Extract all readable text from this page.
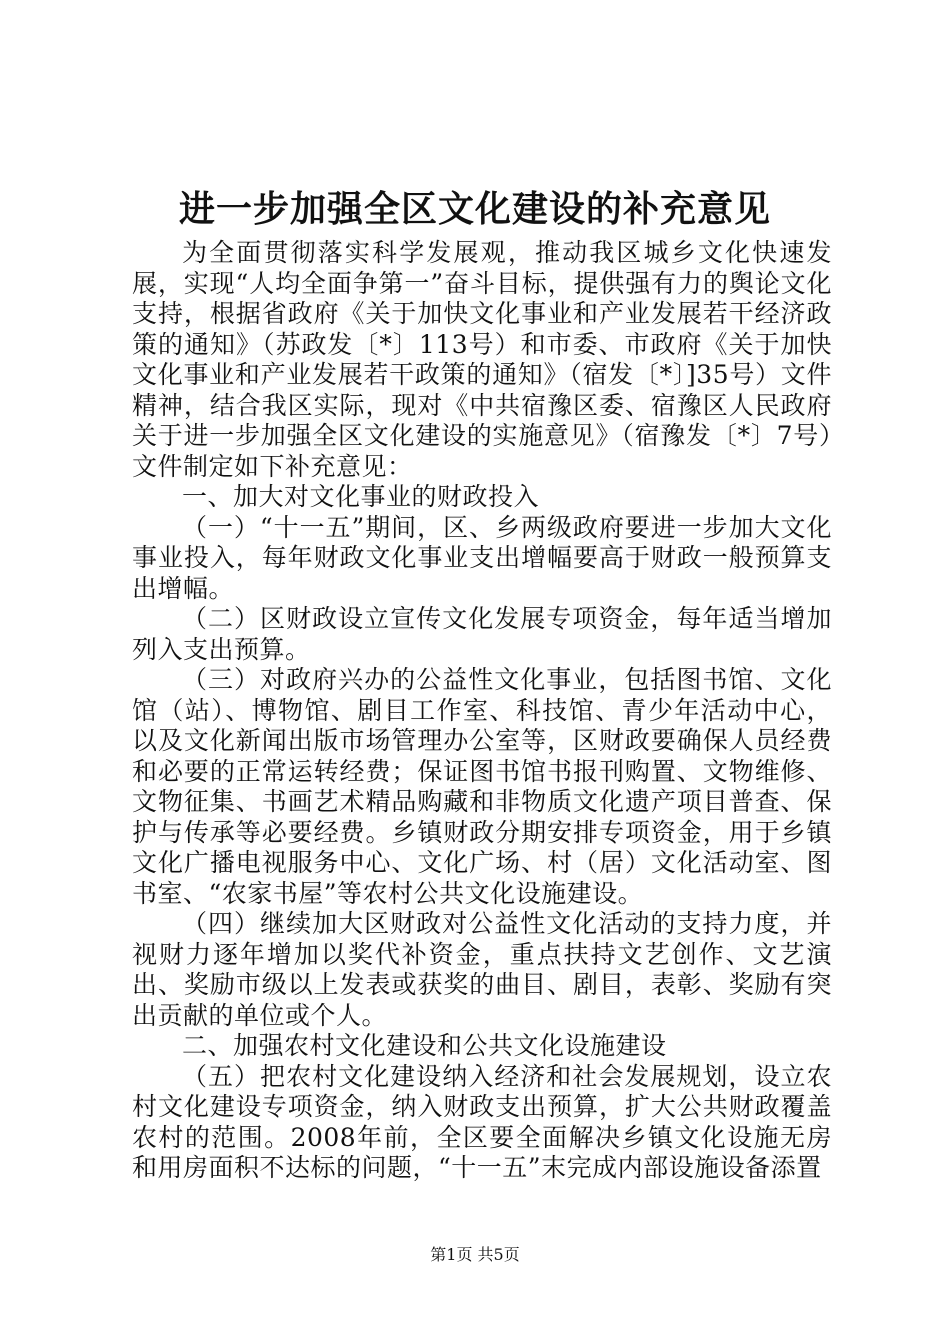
进一步加强全区文化建设的补充意见

为全面贯彻落实科学发展观，推动我区城乡文化快速发展，实现“人均全面争第一”奋斗目标，提供强有力的舆论文化支持，根据省政府《关于加快文化事业和产业发展若干经济政策的通知》（苏政发〔*〕113号）和市委、市政府《关于加快文化事业和产业发展若干政策的通知》（宿发〔*〕]35号）文件精神，结合我区实际，现对《中共宿豫区委、宿豫区人民政府关于进一步加强全区文化建设的实施意见》（宿豫发〔*〕7号）文件制定如下补充意见：

一、加大对文化事业的财政投入

（一）“十一五”期间，区、乡两级政府要进一步加大文化事业投入，每年财政文化事业支出增幅要高于财政一般预算支出增幅。

（二）区财政设立宣传文化发展专项资金，每年适当增加列入支出预算。

（三）对政府兴办的公益性文化事业，包括图书馆、文化馆（站）、博物馆、剧目工作室、科技馆、青少年活动中心，以及文化新闻出版市场管理办公室等，区财政要确保人员经费和必要的正常运转经费；保证图书馆书报刊购置、文物维修、文物征集、书画艺术精品购藏和非物质文化遗产项目普查、保护与传承等必要经费。乡镇财政分期安排专项资金，用于乡镇文化广播电视服务中心、文化广场、村（居）文化活动室、图书室、“农家书屋”等农村公共文化设施建设。

（四）继续加大区财政对公益性文化活动的支持力度，并视财力逐年增加以奖代补资金，重点扶持文艺创作、文艺演出、奖励市级以上发表或获奖的曲目、剧目，表彰、奖励有突出贡献的单位或个人。

二、加强农村文化建设和公共文化设施建设

（五）把农村文化建设纳入经济和社会发展规划，设立农村文化建设专项资金，纳入财政支出预算，扩大公共财政覆盖农村的范围。2008年前，全区要全面解决乡镇文化设施无房和用房面积不达标的问题，“十一五”末完成内部设施设备添置

第1页 共5页
